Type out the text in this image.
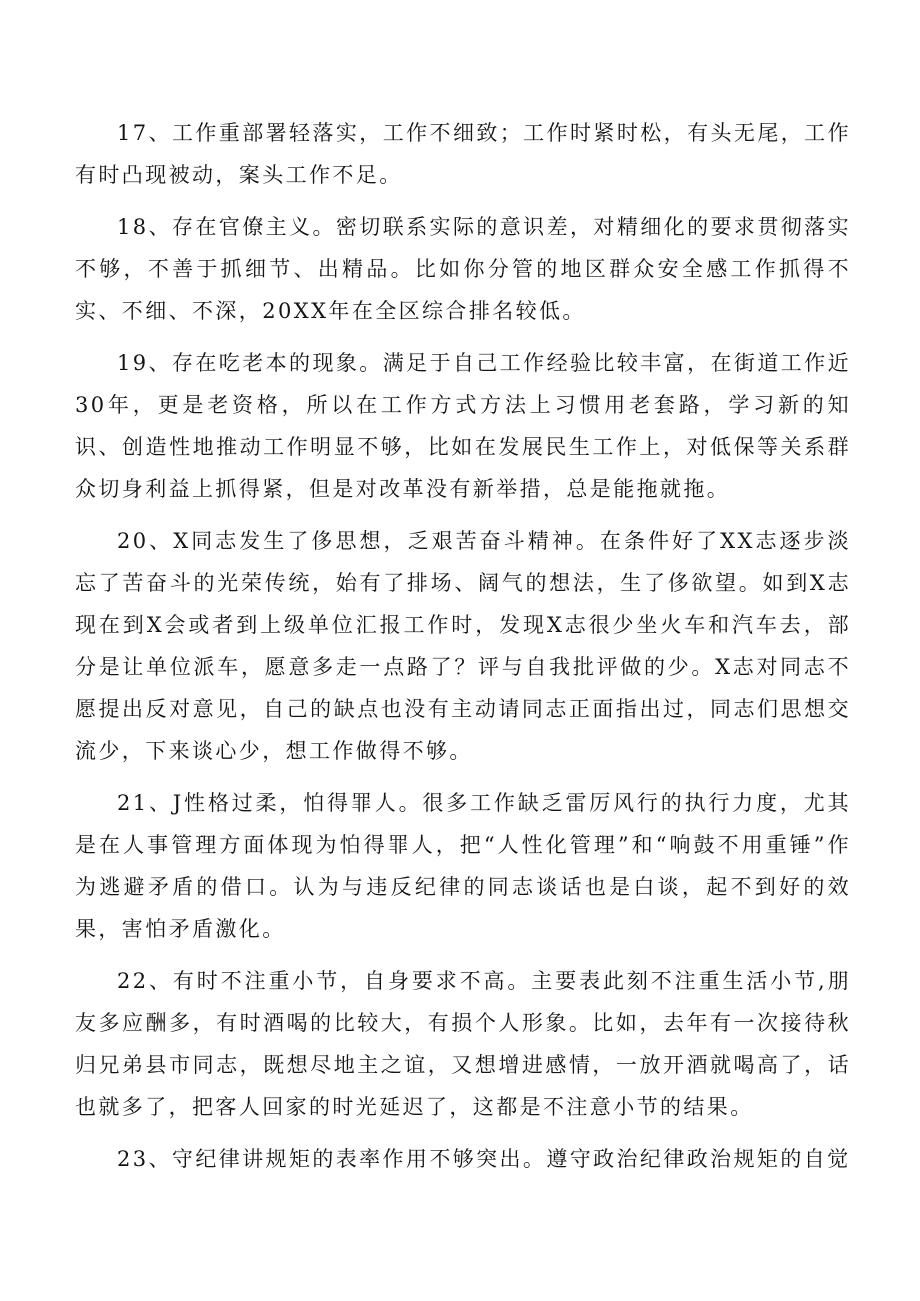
17、工作重部署轻落实，工作不细致；工作时紧时松，有头无尾，工作有时凸现被动，案头工作不足。

18、存在官僚主义。密切联系实际的意识差，对精细化的要求贯彻落实不够，不善于抓细节、出精品。比如你分管的地区群众安全感工作抓得不实、不细、不深，20XX年在全区综合排名较低。

19、存在吃老本的现象。满足于自己工作经验比较丰富，在街道工作近30年，更是老资格，所以在工作方式方法上习惯用老套路，学习新的知识、创造性地推动工作明显不够，比如在发展民生工作上，对低保等关系群众切身利益上抓得紧，但是对改革没有新举措，总是能拖就拖。

20、X同志发生了侈思想，乏艰苦奋斗精神。在条件好了XX志逐步淡忘了苦奋斗的光荣传统，始有了排场、阔气的想法，生了侈欲望。如到X志现在到X会或者到上级单位汇报工作时，发现X志很少坐火车和汽车去，部分是让单位派车，愿意多走一点路了？评与自我批评做的少。X志对同志不愿提出反对意见，自己的缺点也没有主动请同志正面指出过，同志们思想交流少，下来谈心少，想工作做得不够。

21、J性格过柔，怕得罪人。很多工作缺乏雷厉风行的执行力度，尤其是在人事管理方面体现为怕得罪人，把“人性化管理”和“响鼓不用重锤”作为逃避矛盾的借口。认为与违反纪律的同志谈话也是白谈，起不到好的效果，害怕矛盾激化。

22、有时不注重小节，自身要求不高。主要表此刻不注重生活小节,朋友多应酬多，有时酒喝的比较大，有损个人形象。比如，去年有一次接待秋归兄弟县市同志，既想尽地主之谊，又想增进感情，一放开酒就喝高了，话也就多了，把客人回家的时光延迟了，这都是不注意小节的结果。

23、守纪律讲规矩的表率作用不够突出。遵守政治纪律政治规矩的自觉
